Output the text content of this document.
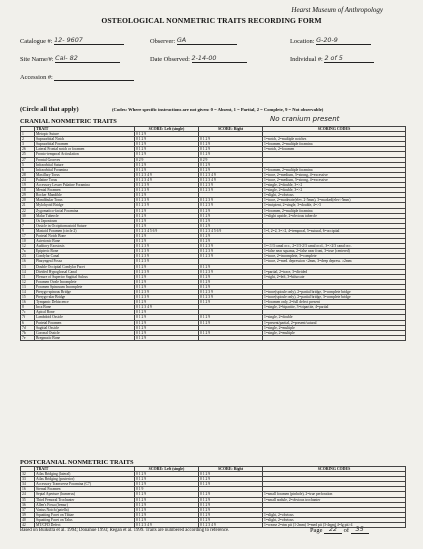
Hearst Museum of Anthropology
OSTEOLOGICAL NONMETRIC TRAITS RECORDING FORM
Catalogue #: 12- 9607	Observer: GA	Location: G-20-9
Site Name/#: Cal- 82	Date Observed: 2-14-00	Individual #: 2 of 5
Accession #:
(Circle all that apply)	(Codes: Where specific instructions are not given: 0 = Absent, 1 = Partial, 2 = Complete, 9 = Not observable)
CRANIAL NONMETRIC TRAITS	No cranium present
	TRAIT	SCORE: Left (single)	SCORE: Right	SCORING CODES
1	Metopic Suture	0 1 2 9		
2	Supraorbital Notch	0 1 2 9	0 1 2 9	1=notch, 2=multiple notches
3	Supraorbital Foramen	0 1 2 9	0 1 2 9	1=foramen, 2=multiple foramina
26	Lateral Frontal notch or foramen	0 1 2 9	0 1 2 9	1=notch, 2=foramen
25	Fronto-temporal Articulation	0 1 2 9	0 1 2 9	
27	Frontal Grooves	0 2 9	0 2 9	
5	Infraorbital Suture	0 1 2 9	0 1 2 9	
6	Infraorbital Foramina	0 1 2 9	0 1 2 9	1=foramen, 2=multiple foramina
28	Maxillary Torus	0 1 2 3 4 9	0 1 2 3 4 9	1=trace, 2=medium, 3=strong, 4=excessive
24	Palatine Torus	0 1 2 3 4 9	0 1 2 3 4 9	1=trace, 2=medium, 3=strong, 4=excessive
19	Accessory Lesser Palatine Foramina	0 1 2 3 9	0 1 2 3 9	1=single, 2=double, 3=>2
18	Mental Foramen	0 1 2 3 9	0 1 2 3 9	1=single, 2=double, 3=>2
29	Rocker Mandible	0 1 2 9		1=slight, 2=obvious
20	Mandibular Torus	0 1 2 3 9	0 1 2 3 9	1=trace, 2=moderate(elev. 2-5mm), 3=marked(elev>5mm)
21	Mylohyoid Bridge	0 1 2 3 9	0 1 2 3 9	1=incipient, 2=single, 3=double, 4=>3
22	Zygomatico-facial Foramina	0 1 2 9	0 1 2 9	1=foramen, 2=multiple foramina
30	Malar Tubercle	0 1 2 9	0 1 2 9	1=slight upside, 2=obvious tubercle
8	Os Japonicum	0 1 2 9	0 1 2 9	
7	Ossicle in Occipitomastoid Suture	0 1 2 9	0 1 2 9	
9	Mastoid Foramen (circle 2)	0 1 2 3 4 5 6 9	0 1 2 3 4 5 6 9	1=l, 2=2, 3=>2, 4=temporal, 5=sutural, 6=occipital
17	Parietal Notch Bone	0 1 2 9	0 1 2 9	
10	Asterionic Bone	0 1 2 9	0 1 2 9	
12	Auditory Exostosis	0 1 2 3 9	0 1 2 3 9	1=<1/3 canal occ., 2=1/3-2/3 canal occl., 3=>2/3 canal occ.
7a	Epipteric Bone	0 1 2 3 9	0 1 2 3 9	1=false near squama, 2=false near front, 3=true (centered)
23	Condylar Canal	0 1 2 3 9	0 1 2 3 9	1=trace, 2=incomplete, 3=complete
16	Pharyngeal Fossa	0 1 2 3 9		1=trace, 2=med. depression <2mm, 3=deep depress. ≥2mm
13	Double Occipital Condylar Facet	0 1 2 9	0 1 2 9	
14	Divided Hypoglossal Canal	0 1 2 3 9	0 1 2 3 9	1=partial, 2=trace, 3=divided
11	Flexure of Superior Sagittal Sulcus	0 1 2 9	0 1 2 9	1=right, 2=left, 3=bifurcate
12	Foramen Ovale Incomplete	0 1 2 9	0 1 2 9	
13	Foramen Spinosum Incomplete	0 1 2 9	0 1 2 9	
14	Pterygo-spinous Bridge	0 1 2 3 9	0 1 2 3 9	1=trace(spicule only), 2=partial bridge, 3=complete bridge
15	Pterygo-alar Bridge	0 1 2 3 9	0 1 2 3 9	1=trace(spicule only), 2=partial bridge, 3=complete bridge
16	Tympanic Dehiscence	0 1 2 9	0 1 2 9	1=foramen only, 2=full defect present
8	Inca Bone	0 1 2 3 4 9		1=single, 2=bipartite, 3=tripartite, 4=partial
7c	Apical Bone	0 1 2 9		
7f	Lambdoid Ossicle	0 1 2 9	0 1 2 9	1=single, 2=double
6	Parietal Foramen	0 1 2 9	0 1 2 9	1=present/partial, 2=present/sutural
7d	Sagittal Ossicle	0 1 2 9		1=single, 2=multiple
7b	Coronal Ossicle	0 1 2 9	0 1 2 9	1=single, 2=multiple
7e	Bregmatic Bone	0 1 2 9		
POSTCRANIAL NONMETRIC TRAITS
	TRAIT	SCORE: Left (single)	SCORE: Right	SCORING CODES
32	Atlas Bridging (lateral)	0 1 2 9	0 1 2 9	
33	Atlas Bridging (posterior)	0 1 2 9	0 1 2 9	
34	Accessory Transverse Foramina (C7)	0 1 2 9	0 1 2 9	
16	Sternal Foramen	0 1 9		
24	Septal Aperture (humerus)	0 1 2 9	0 1 2 9	1=small foramen (pinhole), 2=true perforation
35	Third Femoral Trochanter	0 1 2 9	0 1 2 9	1=small nodule, 2=obvious trochanter
36	Allen's Fossa (femur)	0 1 2 9	0 1 2 9	
37	Vastus Notch (patella)	0 1 2 9	0 1 2 9	
39	Squatting Facet on Tibiae	0 1 2 9	0 1 2 9	1=slight, 2=obvious
40	Squatting Facet on Talus	0 1 2 9	0 1 2 9	1=slight, 2=obvious
42	MT/CFD Defect	0 1 2 3 4 9	0 1 2 3 4 9	1=crease 2=rim pit (1-2mm) 3=med pit (3-4mm) 4=lg pit>4
Based on Buikstra et al. 1994; Donahue 1993; Regan et al. 1999. Traits are numbered according to reference.	Page 22 of 35
